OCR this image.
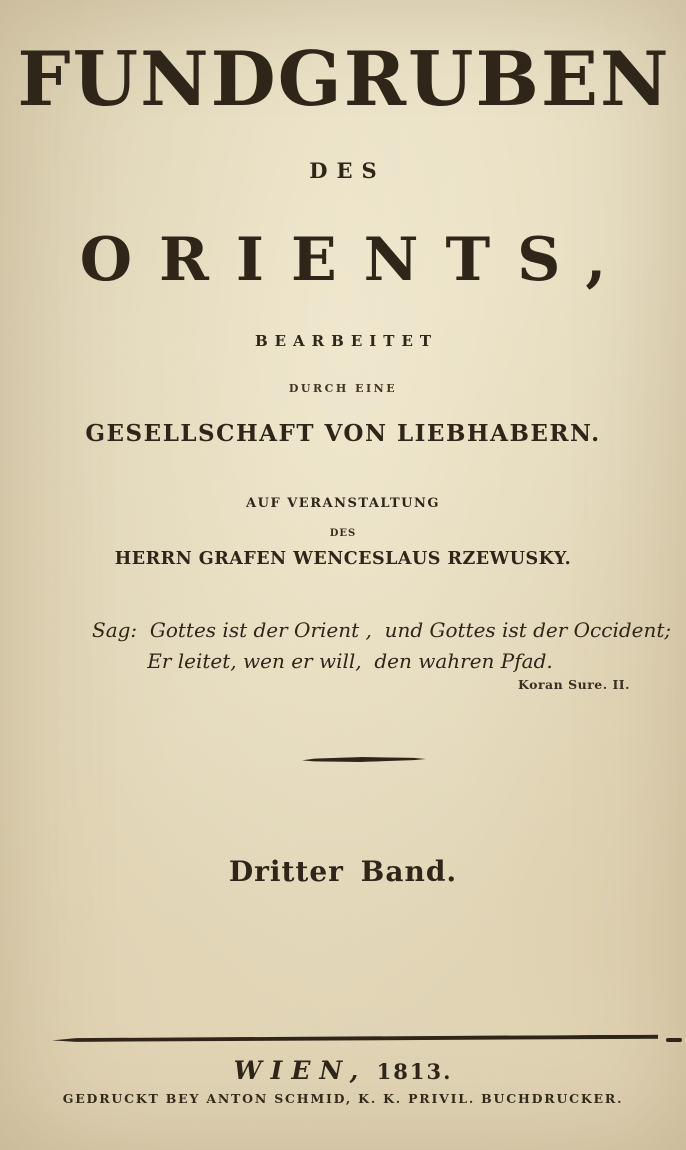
FUNDGRUBEN
DES
ORIENTS,
BEARBEITET
DURCH EINE
GESELLSCHAFT VON LIEBHABERN.
AUF VERANSTALTUNG
DES
HERRN GRAFEN WENCESLAUS RZEWUSKY.
Sag:  Gottes ist der Orient ,  und Gottes ist der Occident;
Er leitet, wen er will,  den wahren Pfad.
Koran Sure. II.
Dritter Band.
WIEN, 1813.
GEDRUCKT BEY ANTON SCHMID, K. K. PRIVIL. BUCHDRUCKER.
